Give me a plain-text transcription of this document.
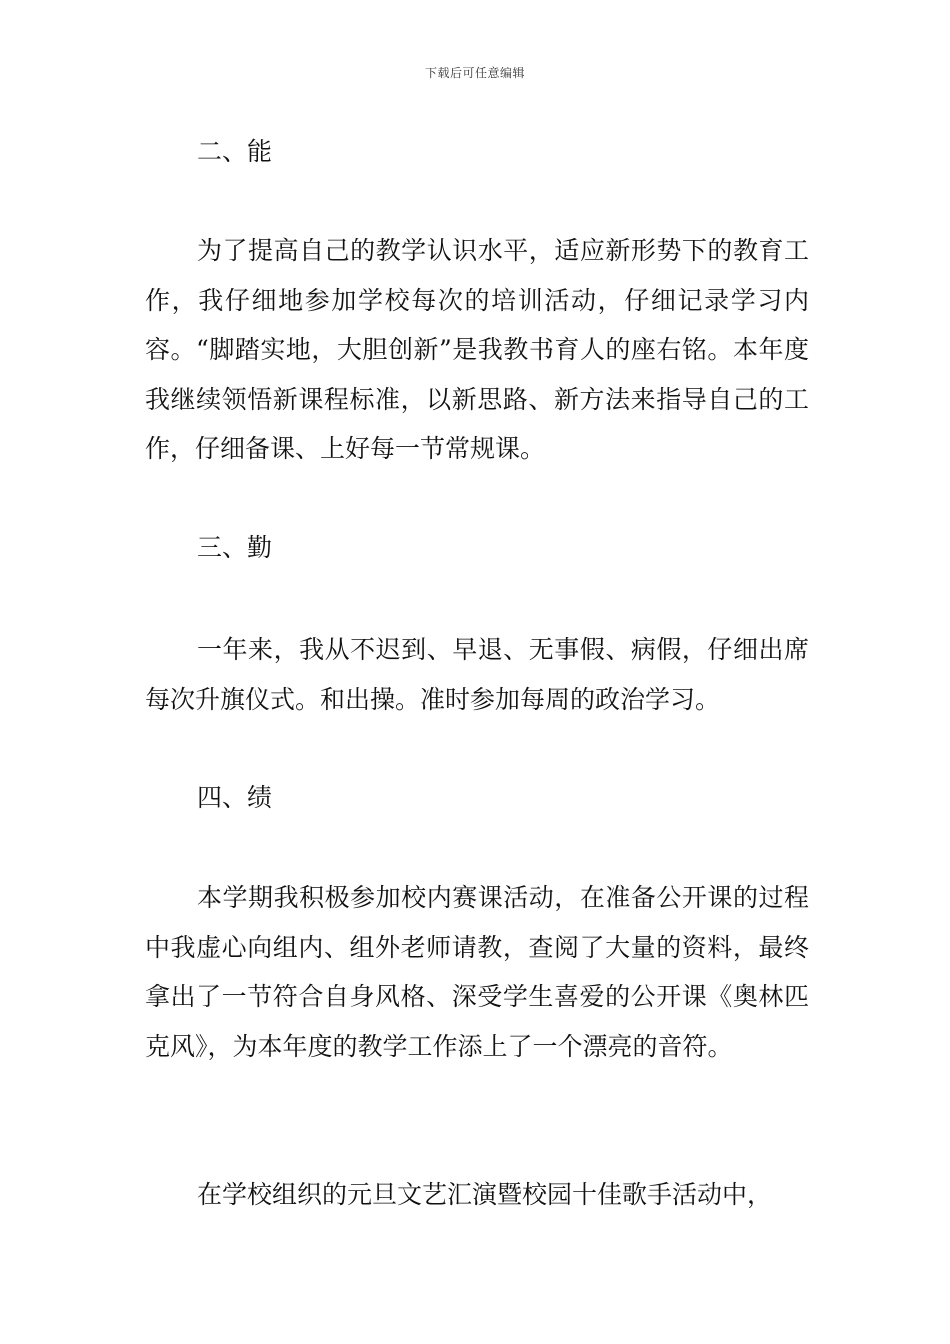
下载后可任意编辑
二、能

为了提高自己的教学认识水平，适应新形势下的教育工作，我仔细地参加学校每次的培训活动，仔细记录学习内容。“脚踏实地，大胆创新”是我教书育人的座右铭。本年度我继续领悟新课程标准，以新思路、新方法来指导自己的工作，仔细备课、上好每一节常规课。

三、勤

一年来，我从不迟到、早退、无事假、病假，仔细出席每次升旗仪式。和出操。准时参加每周的政治学习。

四、绩

本学期我积极参加校内赛课活动，在准备公开课的过程中我虚心向组内、组外老师请教，查阅了大量的资料，最终拿出了一节符合自身风格、深受学生喜爱的公开课《奥林匹克风》，为本年度的教学工作添上了一个漂亮的音符。

在学校组织的元旦文艺汇演暨校园十佳歌手活动中，
